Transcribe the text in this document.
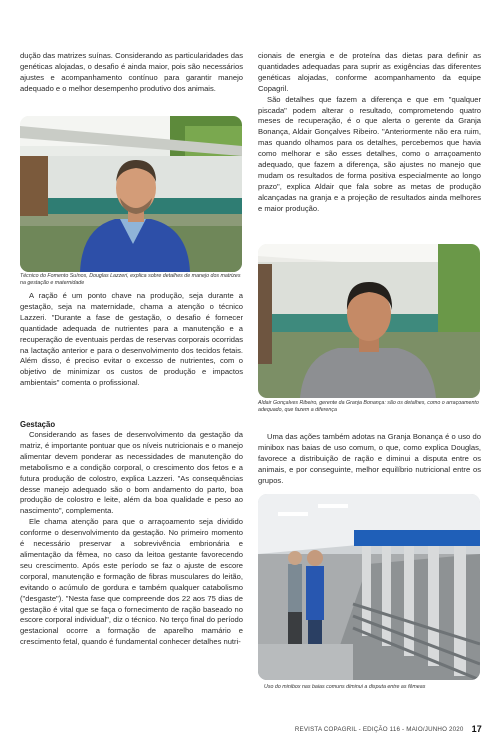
dução das matrizes suínas. Considerando as particularidades das genéticas alojadas, o desafio é ainda maior, pois são necessários ajustes e acompanhamento contínuo para garantir manejo adequado e o melhor desempenho produtivo dos animais.

Técnico do Fomento Suínos, Douglas Lazzeri, explica sobre detalhes de manejo dos matrizes na gestação e maternidade

A ração é um ponto chave na produção, seja durante a gestação, seja na maternidade, chama a atenção o técnico Lazzeri. "Durante a fase de gestação, o desafio é fornecer quantidade adequada de nutrientes para a manutenção e a recuperação de eventuais perdas de reservas corporais ocorridas na lactação anterior e para o desenvolvimento dos tecidos fetais. Além disso, é preciso evitar o excesso de nutrientes, com o objetivo de minimizar os custos de produção e impactos ambientais" comenta o profissional.

Gestação

Considerando as fases de desenvolvimento da gestação da matriz, é importante pontuar que os níveis nutricionais e o manejo alimentar devem ponderar as necessidades de manutenção do metabolismo e a condição corporal, o crescimento dos fetos e a futura produção de colostro, explica Lazzeri. "As consequências desse manejo adequado são o bom andamento do parto, boa produção de colostro e leite, além da boa qualidade e peso ao nascimento", complementa.

Ele chama atenção para que o arraçoamento seja dividido conforme o desenvolvimento da gestação. No primeiro momento é necessário preservar a sobrevivência embrionária e alimentação da fêmea, no caso da leitoa gestante favorecendo seu crescimento. Após este período se faz o ajuste de escore corporal, manutenção e formação de fibras musculares do leitão, evitando o acúmulo de gordura e também qualquer catabolismo ("desgaste"). "Nesta fase que compreende dos 22 aos 75 dias de gestação é vital que se faça o fornecimento de ração baseado no escore corporal individual", diz o técnico. No terço final do período gestacional ocorre a formação de aparelho mamário e crescimento fetal, quando é fundamental conhecer detalhes nutri-

cionais de energia e de proteína das dietas para definir as quantidades adequadas para suprir as exigências das diferentes genéticas alojadas, conforme acompanhamento da equipe Copagril.

São detalhes que fazem a diferença e que em "qualquer piscada" podem alterar o resultado, comprometendo quatro meses de recuperação, é o que alerta o gerente da Granja Bonança, Aldair Gonçalves Ribeiro. "Anteriormente não era ruim, mas quando olhamos para os detalhes, percebemos que havia como melhorar e são esses detalhes, como o arraçoamento adequado, que fazem a diferença, são ajustes no manejo que mudam os resultados de forma positiva especialmente ao longo prazo", explica Aldair que fala sobre as metas de produção alcançadas na granja e a projeção de resultados ainda melhores e maior produção.

Aldair Gonçalves Ribeiro, gerente da Granja Bonança: são os detalhes, como o arraçoamento adequado, que fazem a diferença

Uma das ações também adotas na Granja Bonança é o uso do minibox nas baias de uso comum, o que, como explica Douglas, favorece a distribuição de ração e diminui a disputa entre os animais, e por conseguinte, melhor equilíbrio nutricional entre os grupos.

Uso do minibox nas baias comuns diminui a disputa entre as fêmeas
REVISTA COPAGRIL - EDIÇÃO 116 - MAIO/JUNHO 2020 17
